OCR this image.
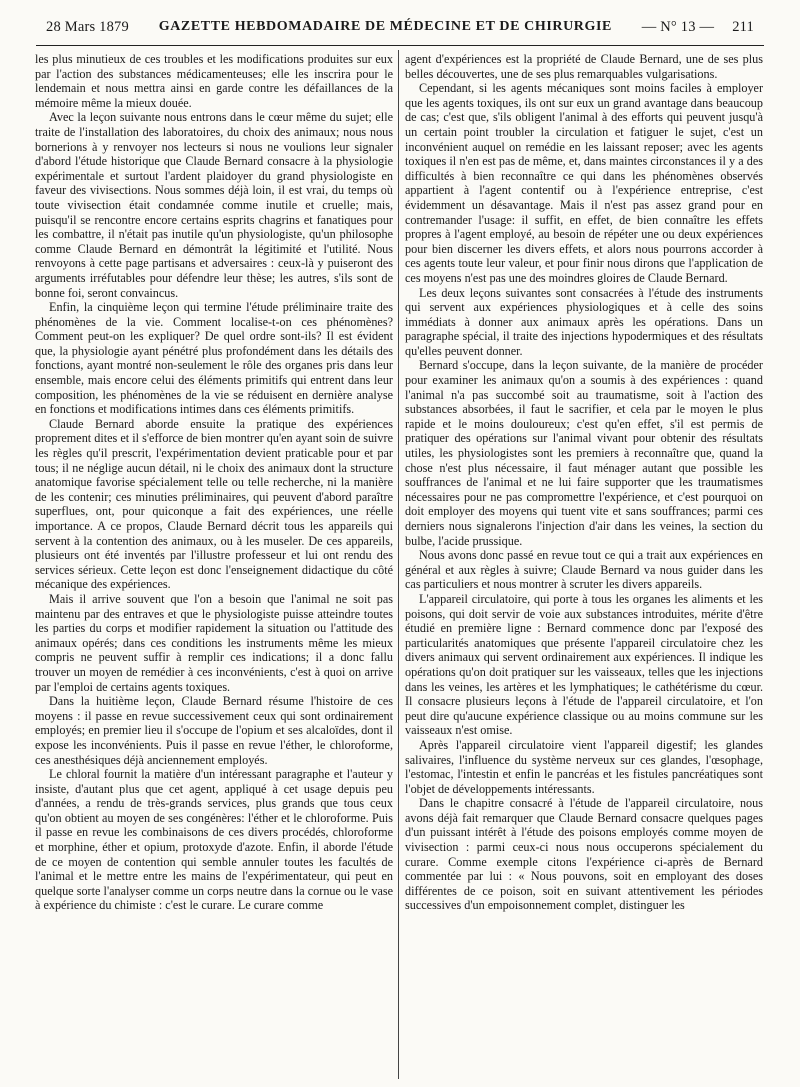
28 Mars 1879 GAZETTE HEBDOMADAIRE DE MÉDECINE ET DE CHIRURGIE — N° 13 — 211

les plus minutieux de ces troubles et les modifications produites sur eux par l'action des substances médicamenteuses; elle les inscrira pour le lendemain et nous mettra ainsi en garde contre les défaillances de la mémoire même la mieux douée.

Avec la leçon suivante nous entrons dans le cœur même du sujet; elle traite de l'installation des laboratoires, du choix des animaux; nous nous bornerions à y renvoyer nos lecteurs si nous ne voulions leur signaler d'abord l'étude historique que Claude Bernard consacre à la physiologie expérimentale et surtout l'ardent plaidoyer du grand physiologiste en faveur des vivisections. Nous sommes déjà loin, il est vrai, du temps où toute vivisection était condamnée comme inutile et cruelle; mais, puisqu'il se rencontre encore certains esprits chagrins et fanatiques pour les combattre, il n'était pas inutile qu'un physiologiste, qu'un philosophe comme Claude Bernard en démontrât la légitimité et l'utilité. Nous renvoyons à cette page partisans et adversaires : ceux-là y puiseront des arguments irréfutables pour défendre leur thèse; les autres, s'ils sont de bonne foi, seront convaincus.

Enfin, la cinquième leçon qui termine l'étude préliminaire traite des phénomènes de la vie. Comment localise-t-on ces phénomènes? Comment peut-on les expliquer? De quel ordre sont-ils? Il est évident que, la physiologie ayant pénétré plus profondément dans les détails des fonctions, ayant montré non-seulement le rôle des organes pris dans leur ensemble, mais encore celui des éléments primitifs qui entrent dans leur composition, les phénomènes de la vie se réduisent en dernière analyse en fonctions et modifications intimes dans ces éléments primitifs.

Claude Bernard aborde ensuite la pratique des expériences proprement dites et il s'efforce de bien montrer qu'en ayant soin de suivre les règles qu'il prescrit, l'expérimentation devient praticable pour et par tous; il ne néglige aucun détail, ni le choix des animaux dont la structure anatomique favorise spécialement telle ou telle recherche, ni la manière de les contenir; ces minuties préliminaires, qui peuvent d'abord paraître superflues, ont, pour quiconque a fait des expériences, une réelle importance. A ce propos, Claude Bernard décrit tous les appareils qui servent à la contention des animaux, ou à les museler. De ces appareils, plusieurs ont été inventés par l'illustre professeur et lui ont rendu des services sérieux. Cette leçon est donc l'enseignement didactique du côté mécanique des expériences.

Mais il arrive souvent que l'on a besoin que l'animal ne soit pas maintenu par des entraves et que le physiologiste puisse atteindre toutes les parties du corps et modifier rapidement la situation ou l'attitude des animaux opérés; dans ces conditions les instruments même les mieux compris ne peuvent suffir à remplir ces indications; il a donc fallu trouver un moyen de remédier à ces inconvénients, c'est à quoi on arrive par l'emploi de certains agents toxiques.

Dans la huitième leçon, Claude Bernard résume l'histoire de ces moyens : il passe en revue successivement ceux qui sont ordinairement employés; en premier lieu il s'occupe de l'opium et ses alcaloïdes, dont il expose les inconvénients. Puis il passe en revue l'éther, le chloroforme, ces anesthésiques déjà anciennement employés.

Le chloral fournit la matière d'un intéressant paragraphe et l'auteur y insiste, d'autant plus que cet agent, appliqué à cet usage depuis peu d'années, a rendu de très-grands services, plus grands que tous ceux qu'on obtient au moyen de ses congénères: l'éther et le chloroforme. Puis il passe en revue les combinaisons de ces divers procédés, chloroforme et morphine, éther et opium, protoxyde d'azote. Enfin, il aborde l'étude de ce moyen de contention qui semble annuler toutes les facultés de l'animal et le mettre entre les mains de l'expérimentateur, qui peut en quelque sorte l'analyser comme un corps neutre dans la cornue ou le vase à expérience du chimiste : c'est le curare. Le curare comme

agent d'expériences est la propriété de Claude Bernard, une de ses plus belles découvertes, une de ses plus remarquables vulgarisations.

Cependant, si les agents mécaniques sont moins faciles à employer que les agents toxiques, ils ont sur eux un grand avantage dans beaucoup de cas; c'est que, s'ils obligent l'animal à des efforts qui peuvent jusqu'à un certain point troubler la circulation et fatiguer le sujet, c'est un inconvénient auquel on remédie en les laissant reposer; avec les agents toxiques il n'en est pas de même, et, dans maintes circonstances il y a des difficultés à bien reconnaître ce qui dans les phénomènes observés appartient à l'agent contentif ou à l'expérience entreprise, c'est évidemment un désavantage. Mais il n'est pas assez grand pour en contremander l'usage: il suffit, en effet, de bien connaître les effets propres à l'agent employé, au besoin de répéter une ou deux expériences pour bien discerner les divers effets, et alors nous pourrons accorder à ces agents toute leur valeur, et pour finir nous dirons que l'application de ces moyens n'est pas une des moindres gloires de Claude Bernard.

Les deux leçons suivantes sont consacrées à l'étude des instruments qui servent aux expériences physiologiques et à celle des soins immédiats à donner aux animaux après les opérations. Dans un paragraphe spécial, il traite des injections hypodermiques et des résultats qu'elles peuvent donner.

Bernard s'occupe, dans la leçon suivante, de la manière de procéder pour examiner les animaux qu'on a soumis à des expériences : quand l'animal n'a pas succombé soit au traumatisme, soit à l'action des substances absorbées, il faut le sacrifier, et cela par le moyen le plus rapide et le moins douloureux; c'est qu'en effet, s'il est permis de pratiquer des opérations sur l'animal vivant pour obtenir des résultats utiles, les physiologistes sont les premiers à reconnaître que, quand la chose n'est plus nécessaire, il faut ménager autant que possible les souffrances de l'animal et ne lui faire supporter que les traumatismes nécessaires pour ne pas compromettre l'expérience, et c'est pourquoi on doit employer des moyens qui tuent vite et sans souffrances; parmi ces derniers nous signalerons l'injection d'air dans les veines, la section du bulbe, l'acide prussique.

Nous avons donc passé en revue tout ce qui a trait aux expériences en général et aux règles à suivre; Claude Bernard va nous guider dans les cas particuliers et nous montrer à scruter les divers appareils.

L'appareil circulatoire, qui porte à tous les organes les aliments et les poisons, qui doit servir de voie aux substances introduites, mérite d'être étudié en première ligne : Bernard commence donc par l'exposé des particularités anatomiques que présente l'appareil circulatoire chez les divers animaux qui servent ordinairement aux expériences. Il indique les opérations qu'on doit pratiquer sur les vaisseaux, telles que les injections dans les veines, les artères et les lymphatiques; le cathétérisme du cœur. Il consacre plusieurs leçons à l'étude de l'appareil circulatoire, et l'on peut dire qu'aucune expérience classique ou au moins commune sur les vaisseaux n'est omise.

Après l'appareil circulatoire vient l'appareil digestif; les glandes salivaires, l'influence du système nerveux sur ces glandes, l'œsophage, l'estomac, l'intestin et enfin le pancréas et les fistules pancréatiques sont l'objet de développements intéressants.

Dans le chapitre consacré à l'étude de l'appareil circulatoire, nous avons déjà fait remarquer que Claude Bernard consacre quelques pages d'un puissant intérêt à l'étude des poisons employés comme moyen de vivisection : parmi ceux-ci nous nous occuperons spécialement du curare. Comme exemple citons l'expérience ci-après de Bernard commentée par lui : « Nous pouvons, soit en employant des doses différentes de ce poison, soit en suivant attentivement les périodes successives d'un empoisonnement complet, distinguer les
